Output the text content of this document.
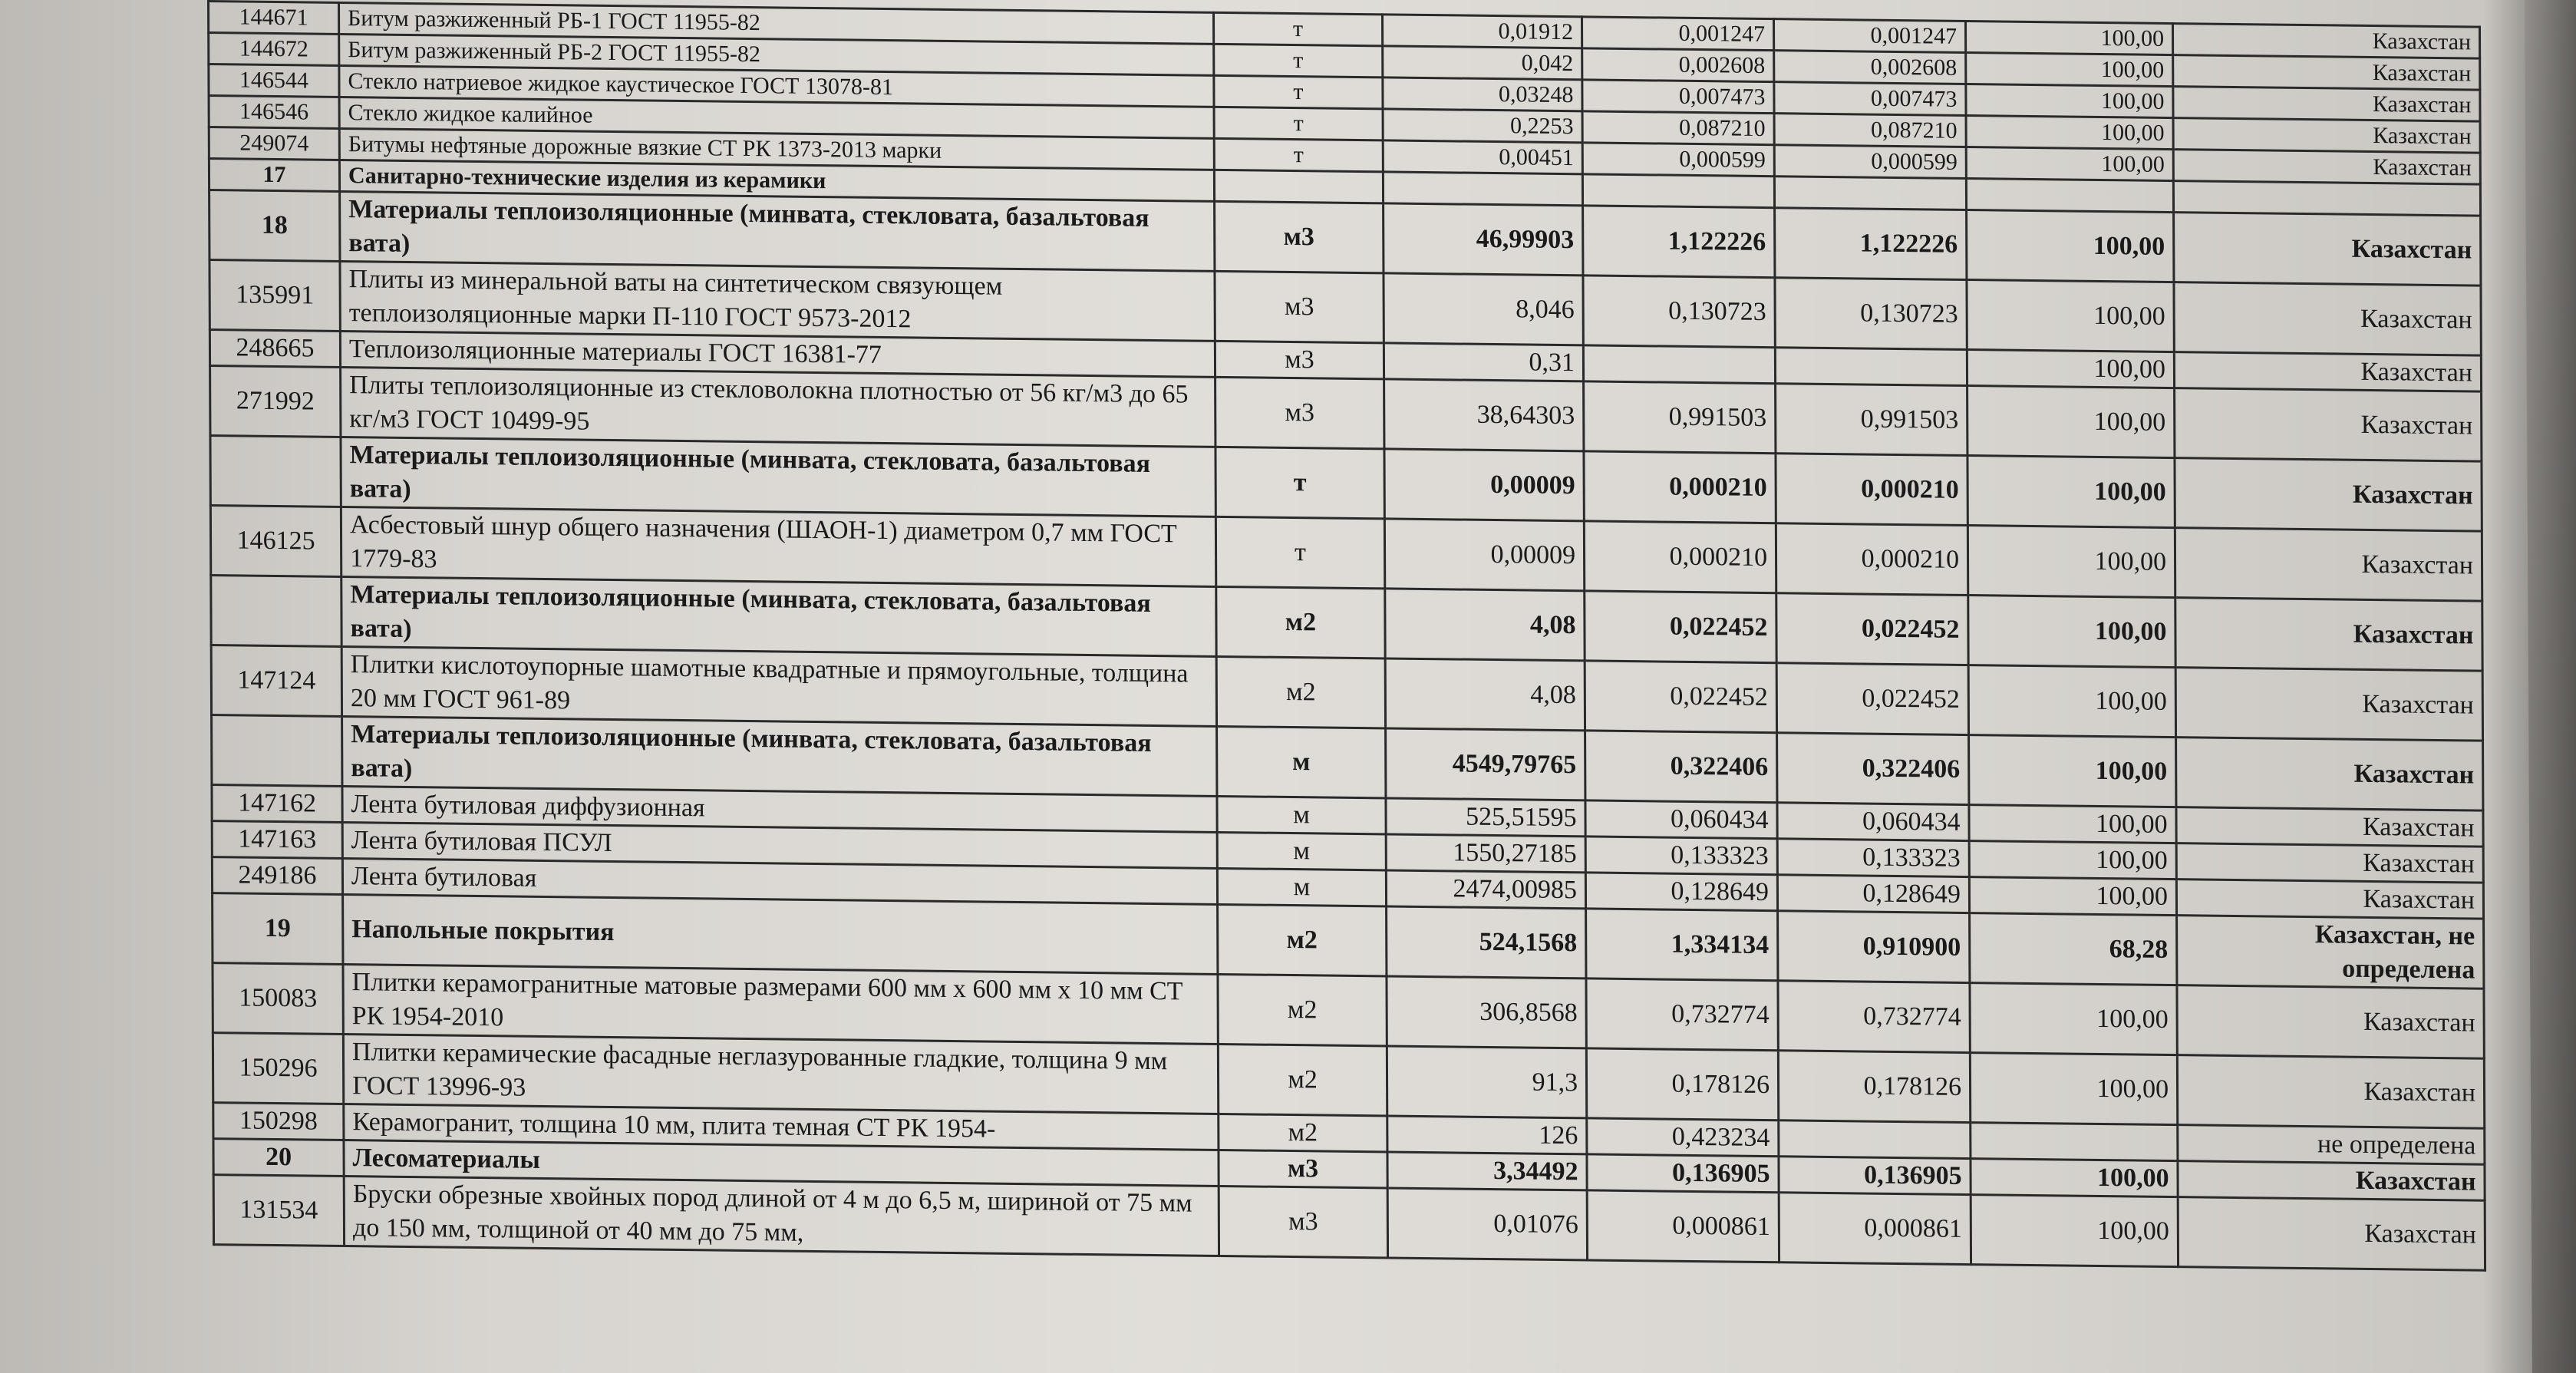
144671	Битум разжиженный РБ-1 ГОСТ 11955-82	т	0,01912	0,001247	0,001247	100,00	Казахстан
144672	Битум разжиженный РБ-2 ГОСТ 11955-82	т	0,042	0,002608	0,002608	100,00	Казахстан
146544	Стекло натриевое жидкое каустическое ГОСТ 13078-81	т	0,03248	0,007473	0,007473	100,00	Казахстан
146546	Стекло жидкое калийное	т	0,2253	0,087210	0,087210	100,00	Казахстан
249074	Битумы нефтяные дорожные вязкие СТ РК 1373-2013 марки	т	0,00451	0,000599	0,000599	100,00	Казахстан
17	Санитарно-технические изделия из керамики						
18	Материалы теплоизоляционные (минвата, стекловата, базальтовая вата)	м3	46,99903	1,122226	1,122226	100,00	Казахстан
135991	Плиты из минеральной ваты на синтетическом связующем теплоизоляционные марки П-110 ГОСТ 9573-2012	м3	8,046	0,130723	0,130723	100,00	Казахстан
248665	Теплоизоляционные материалы ГОСТ 16381-77	м3	0,31			100,00	Казахстан
271992	Плиты теплоизоляционные из стекловолокна плотностью от 56 кг/м3 до 65 кг/м3 ГОСТ 10499-95	м3	38,64303	0,991503	0,991503	100,00	Казахстан
	Материалы теплоизоляционные (минвата, стекловата, базальтовая вата)	т	0,00009	0,000210	0,000210	100,00	Казахстан
146125	Асбестовый шнур общего назначения (ШАОН-1) диаметром 0,7 мм ГОСТ 1779-83	т	0,00009	0,000210	0,000210	100,00	Казахстан
	Материалы теплоизоляционные (минвата, стекловата, базальтовая вата)	м2	4,08	0,022452	0,022452	100,00	Казахстан
147124	Плитки кислотоупорные шамотные квадратные и прямоугольные, толщина 20 мм ГОСТ 961-89	м2	4,08	0,022452	0,022452	100,00	Казахстан
	Материалы теплоизоляционные (минвата, стекловата, базальтовая вата)	м	4549,79765	0,322406	0,322406	100,00	Казахстан
147162	Лента бутиловая диффузионная	м	525,51595	0,060434	0,060434	100,00	Казахстан
147163	Лента бутиловая ПСУЛ	м	1550,27185	0,133323	0,133323	100,00	Казахстан
249186	Лента бутиловая	м	2474,00985	0,128649	0,128649	100,00	Казахстан
19	Напольные покрытия	м2	524,1568	1,334134	0,910900	68,28	Казахстан, не определена
150083	Плитки керамогранитные матовые размерами 600 мм х 600 мм х 10 мм СТ РК 1954-2010	м2	306,8568	0,732774	0,732774	100,00	Казахстан
150296	Плитки керамические фасадные неглазурованные гладкие, толщина 9 мм ГОСТ 13996-93	м2	91,3	0,178126	0,178126	100,00	Казахстан
150298	Керамогранит, толщина 10 мм, плита темная СТ РК 1954-	м2	126	0,423234			не определена
20	Лесоматериалы	м3	3,34492	0,136905	0,136905	100,00	Казахстан
131534	Бруски обрезные хвойных пород длиной от 4 м до 6,5 м, шириной от 75 мм до 150 мм, толщиной от 40 мм до 75 мм,	м3	0,01076	0,000861	0,000861	100,00	Казахстан
